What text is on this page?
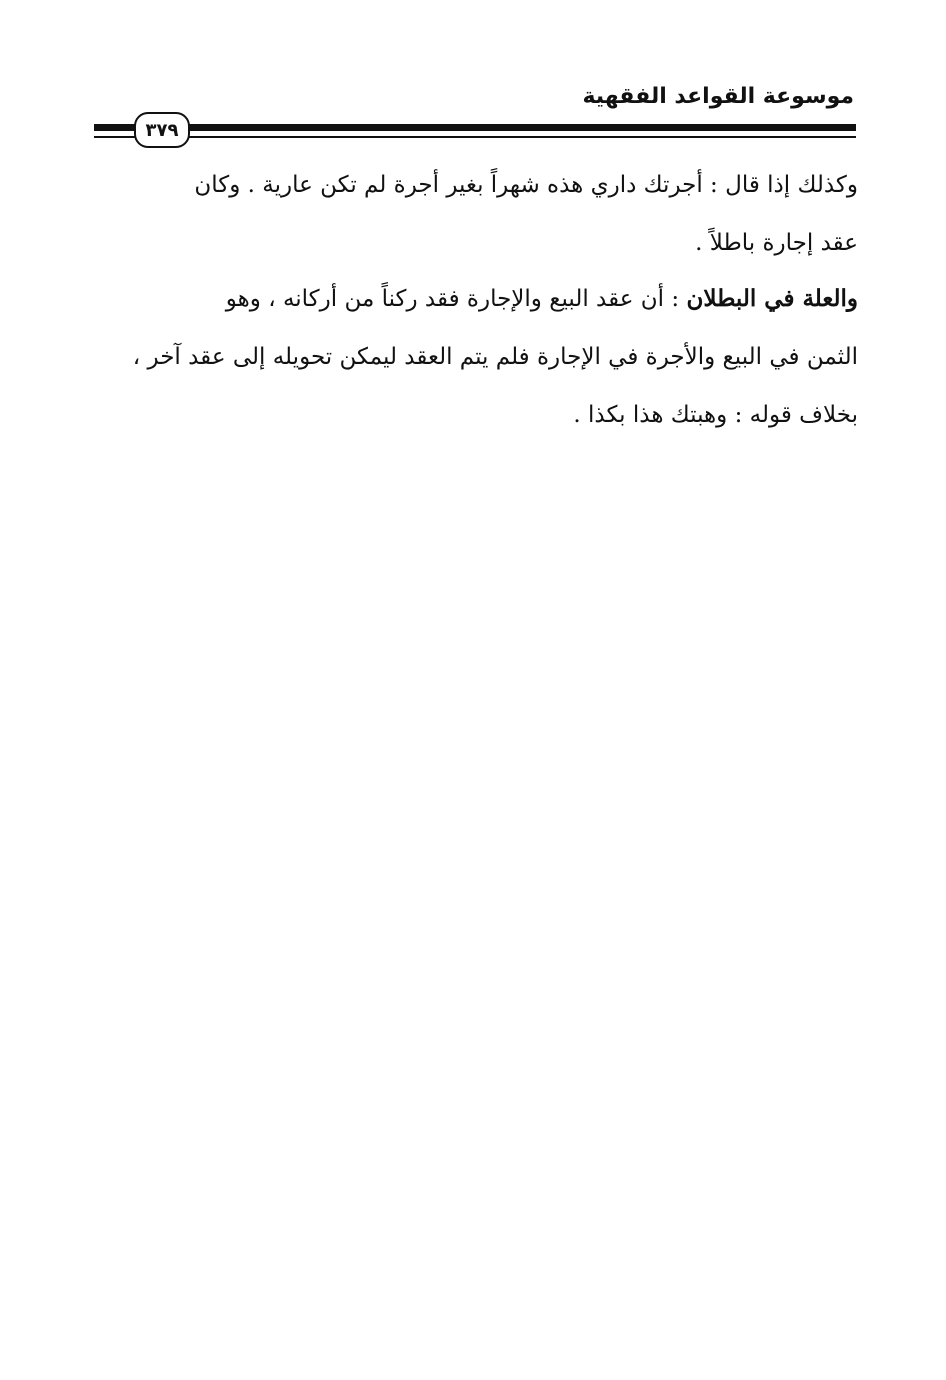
موسوعة القواعد الفقهية
٣٧٩
وكذلك إذا قال : أجرتك داري هذه شهراً بغير أجرة لم تكن عارية . وكان
عقد إجارة باطلاً .
والعلة في البطلان : أن عقد البيع والإجارة فقد ركناً من أركانه ، وهو
الثمن في البيع والأجرة في الإجارة فلم يتم العقد ليمكن تحويله إلى عقد آخر ،
بخلاف قوله : وهبتك هذا بكذا .
